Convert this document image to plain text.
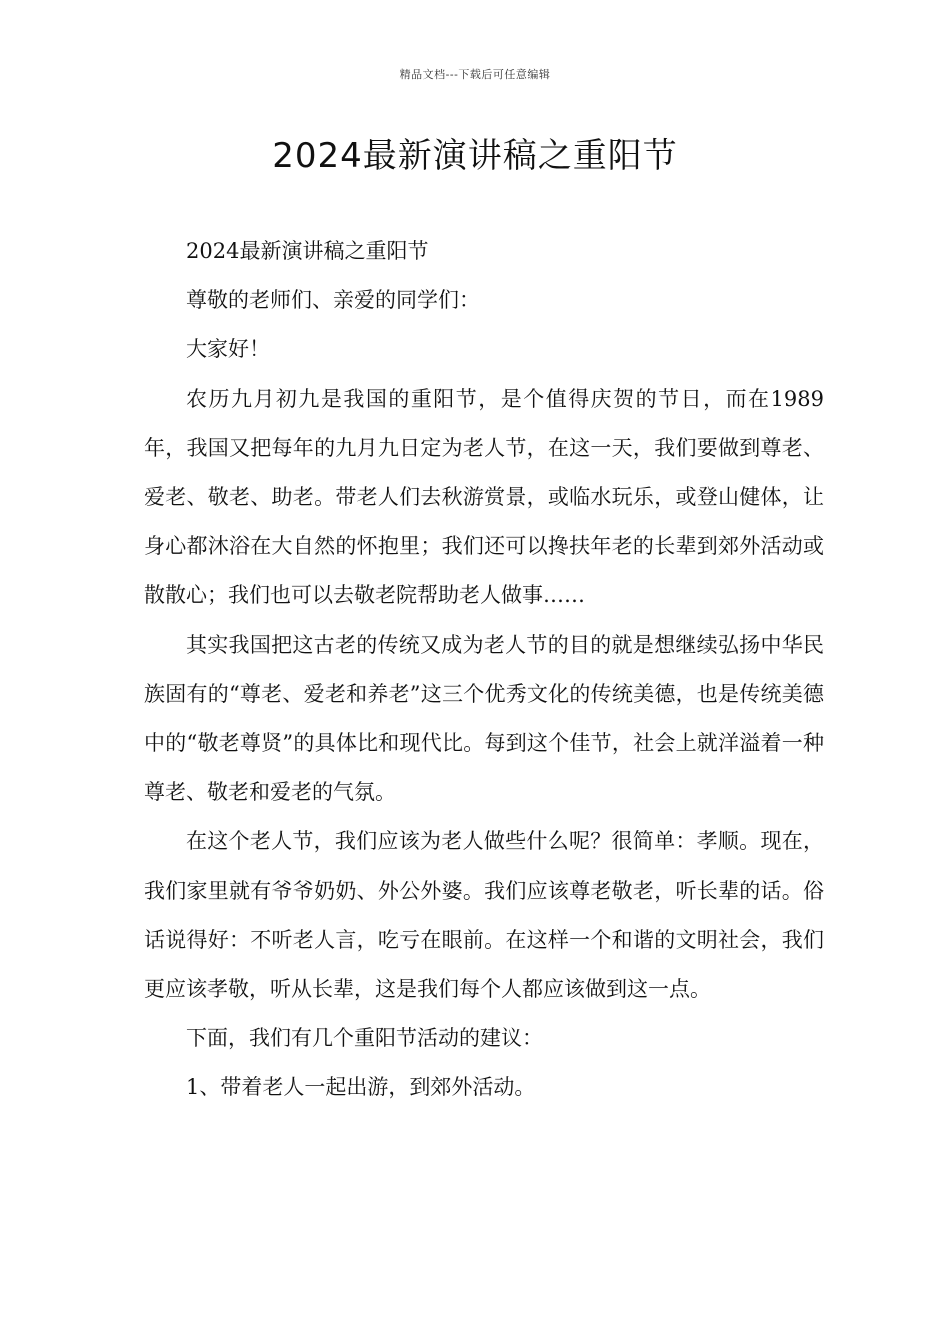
精品文档---下载后可任意编辑
2024最新演讲稿之重阳节

2024最新演讲稿之重阳节

尊敬的老师们、亲爱的同学们：

大家好！

农历九月初九是我国的重阳节，是个值得庆贺的节日，而在1989年，我国又把每年的九月九日定为老人节，在这一天，我们要做到尊老、爱老、敬老、助老。带老人们去秋游赏景，或临水玩乐，或登山健体，让身心都沐浴在大自然的怀抱里；我们还可以搀扶年老的长辈到郊外活动或散散心；我们也可以去敬老院帮助老人做事……

其实我国把这古老的传统又成为老人节的目的就是想继续弘扬中华民族固有的“尊老、爱老和养老”这三个优秀文化的传统美德，也是传统美德中的“敬老尊贤”的具体比和现代比。每到这个佳节，社会上就洋溢着一种尊老、敬老和爱老的气氛。

在这个老人节，我们应该为老人做些什么呢？很简单：孝顺。现在，我们家里就有爷爷奶奶、外公外婆。我们应该尊老敬老，听长辈的话。俗话说得好：不听老人言，吃亏在眼前。在这样一个和谐的文明社会，我们更应该孝敬，听从长辈，这是我们每个人都应该做到这一点。

下面，我们有几个重阳节活动的建议：

1、带着老人一起出游，到郊外活动。
